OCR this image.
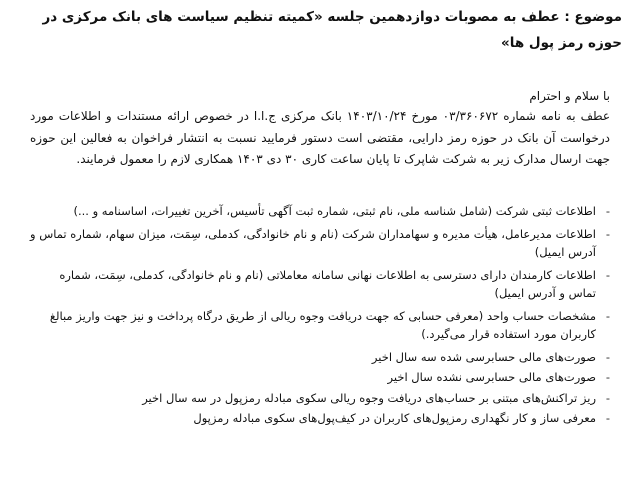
موضوع : عطف به مصوبات دوازدهمین جلسه «کمیته تنظیم سیاست های بانک مرکزی در حوزه رمز پول ها»
با سلام و احترام
عطف به نامه شماره ۰۳/۳۶۰۶۷۲ مورخ ۱۴۰۳/۱۰/۲۴ بانک مرکزی ج.ا.ا در خصوص ارائه مستندات و اطلاعات مورد درخواست آن بانک در حوزه رمز دارایی، مقتضی است دستور فرمایید نسبت به انتشار فراخوان به فعالین این حوزه جهت ارسال مدارک زیر به شرکت شاپرک تا پایان ساعت کاری ۳۰ دی ۱۴۰۳ همکاری لازم را معمول فرمایند.
-
اطلاعات ثبتی شرکت (شامل شناسه ملی، نام ثبتی، شماره ثبت آگهی تأسیس، آخرین تغییرات، اساسنامه و ...)
-
اطلاعات مدیرعامل، هیأت مدیره و سهامداران شرکت (نام و نام خانوادگی، کدملی، سِمَت، میزان سهام، شماره تماس و آدرس ایمیل)
-
اطلاعات کارمندان دارای دسترسی به اطلاعات نهانی سامانه معاملاتی (نام و نام خانوادگی، کدملی، سِمَت، شماره تماس و آدرس ایمیل)
-
مشخصات حساب واحد (معرفی حسابی که جهت دریافت وجوه ریالی از طریق درگاه پرداخت و نیز جهت واریز مبالغ کاربران مورد استفاده قرار می‌گیرد.)
-
صورت‌های مالی حسابرسی شده سه سال اخیر
-
صورت‌های مالی حسابرسی نشده سال اخیر
-
ریز تراکنش‌های مبتنی بر حساب‌های دریافت وجوه ریالی سکوی مبادله رمزپول در سه سال اخیر
-
معرفی ساز و کار نگهداری رمزپول‌های کاربران در کیف‌پول‌های سکوی مبادله رمزپول
